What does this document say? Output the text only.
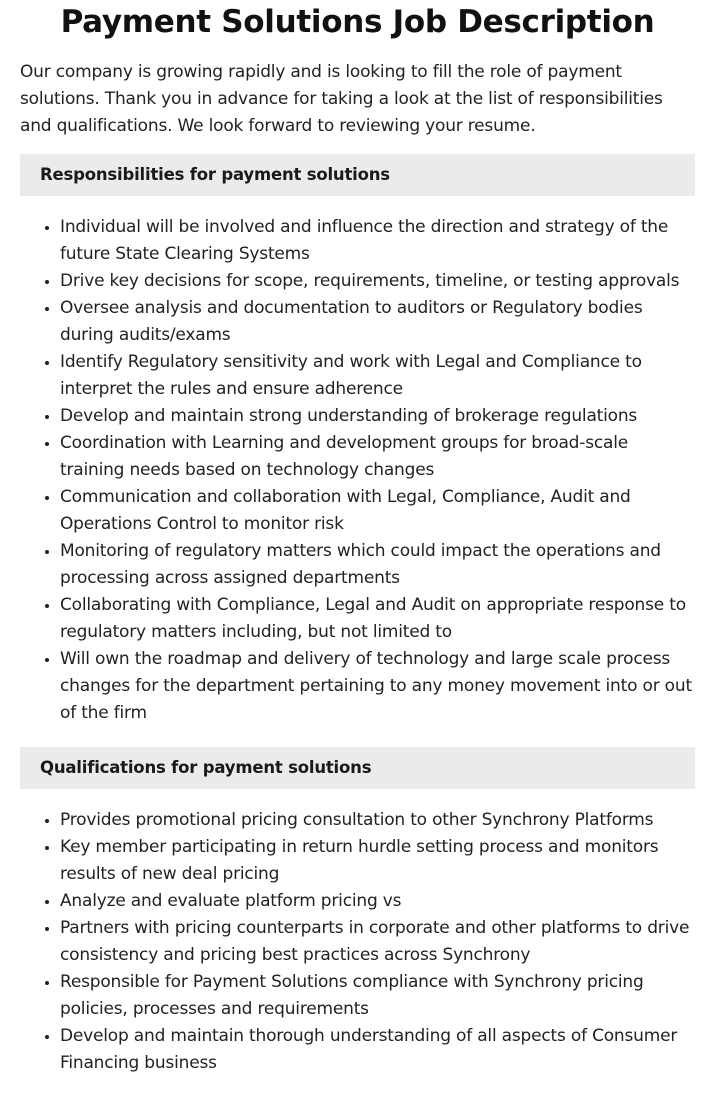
Payment Solutions Job Description

Our company is growing rapidly and is looking to fill the role of payment solutions. Thank you in advance for taking a look at the list of responsibilities and qualifications. We look forward to reviewing your resume.

Responsibilities for payment solutions
• Individual will be involved and influence the direction and strategy of the future State Clearing Systems
• Drive key decisions for scope, requirements, timeline, or testing approvals
• Oversee analysis and documentation to auditors or Regulatory bodies during audits/exams
• Identify Regulatory sensitivity and work with Legal and Compliance to interpret the rules and ensure adherence
• Develop and maintain strong understanding of brokerage regulations
• Coordination with Learning and development groups for broad-scale training needs based on technology changes
• Communication and collaboration with Legal, Compliance, Audit and Operations Control to monitor risk
• Monitoring of regulatory matters which could impact the operations and processing across assigned departments
• Collaborating with Compliance, Legal and Audit on appropriate response to regulatory matters including, but not limited to
• Will own the roadmap and delivery of technology and large scale process changes for the department pertaining to any money movement into or out of the firm
Qualifications for payment solutions
• Provides promotional pricing consultation to other Synchrony Platforms
• Key member participating in return hurdle setting process and monitors results of new deal pricing
• Analyze and evaluate platform pricing vs
• Partners with pricing counterparts in corporate and other platforms to drive consistency and pricing best practices across Synchrony
• Responsible for Payment Solutions compliance with Synchrony pricing policies, processes and requirements
• Develop and maintain thorough understanding of all aspects of Consumer Financing business
